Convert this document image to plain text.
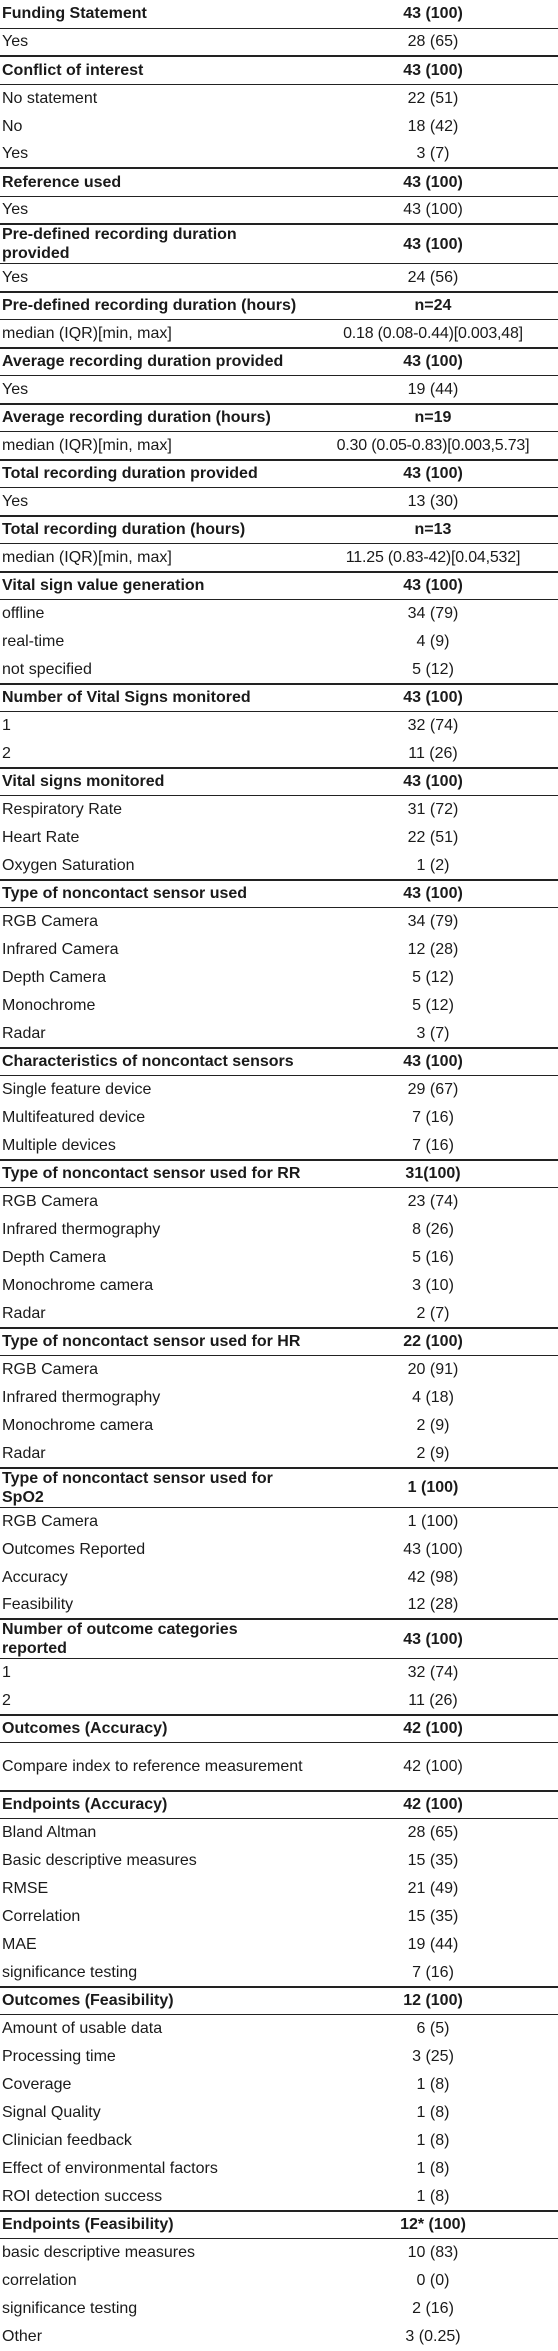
Funding Statement	43 (100)
Yes	28 (65)
Conflict of interest	43 (100)
No statement	22 (51)
No	18 (42)
Yes	3 (7)
Reference used	43 (100)
Yes	43 (100)
Pre-defined recording duration provided	43 (100)
Yes	24 (56)
Pre-defined recording duration (hours)	n=24
median (IQR)[min, max]	0.18 (0.08-0.44)[0.003,48]
Average recording duration provided	43 (100)
Yes	19 (44)
Average recording duration (hours)	n=19
median (IQR)[min, max]	0.30 (0.05-0.83)[0.003,5.73]
Total recording duration provided	43 (100)
Yes	13 (30)
Total recording duration (hours)	n=13
median (IQR)[min, max]	11.25 (0.83-42)[0.04,532]
Vital sign value generation	43 (100)
offline	34 (79)
real-time	4 (9)
not specified	5 (12)
Number of Vital Signs monitored	43 (100)
1	32 (74)
2	11 (26)
Vital signs monitored	43 (100)
Respiratory Rate	31 (72)
Heart Rate	22 (51)
Oxygen Saturation	1 (2)
Type of noncontact sensor used	43 (100)
RGB Camera	34 (79)
Infrared Camera	12 (28)
Depth Camera	5 (12)
Monochrome	5 (12)
Radar	3 (7)
Characteristics of noncontact sensors	43 (100)
Single feature device	29 (67)
Multifeatured device	7 (16)
Multiple devices	7 (16)
Type of noncontact sensor used for RR	31(100)
RGB Camera	23 (74)
Infrared thermography	8 (26)
Depth Camera	5 (16)
Monochrome camera	3 (10)
Radar	2 (7)
Type of noncontact sensor used for HR	22 (100)
RGB Camera	20 (91)
Infrared thermography	4 (18)
Monochrome camera	2 (9)
Radar	2 (9)
Type of noncontact sensor used for SpO2	1 (100)
RGB Camera	1 (100)
Outcomes Reported	43 (100)
Accuracy	42 (98)
Feasibility	12 (28)
Number of outcome categories reported	43 (100)
1	32 (74)
2	11 (26)
Outcomes (Accuracy)	42 (100)
Compare index to reference measurement	42 (100)
Endpoints (Accuracy)	42 (100)
Bland Altman	28 (65)
Basic descriptive measures	15 (35)
RMSE	21 (49)
Correlation	15 (35)
MAE	19 (44)
significance testing	7 (16)
Outcomes (Feasibility)	12 (100)
Amount of usable data	6 (5)
Processing time	3 (25)
Coverage	1 (8)
Signal Quality	1 (8)
Clinician feedback	1 (8)
Effect of environmental factors	1 (8)
ROI detection success	1 (8)
Endpoints (Feasibility)	12* (100)
basic descriptive measures	10 (83)
correlation	0 (0)
significance testing	2 (16)
Other	3 (0.25)
